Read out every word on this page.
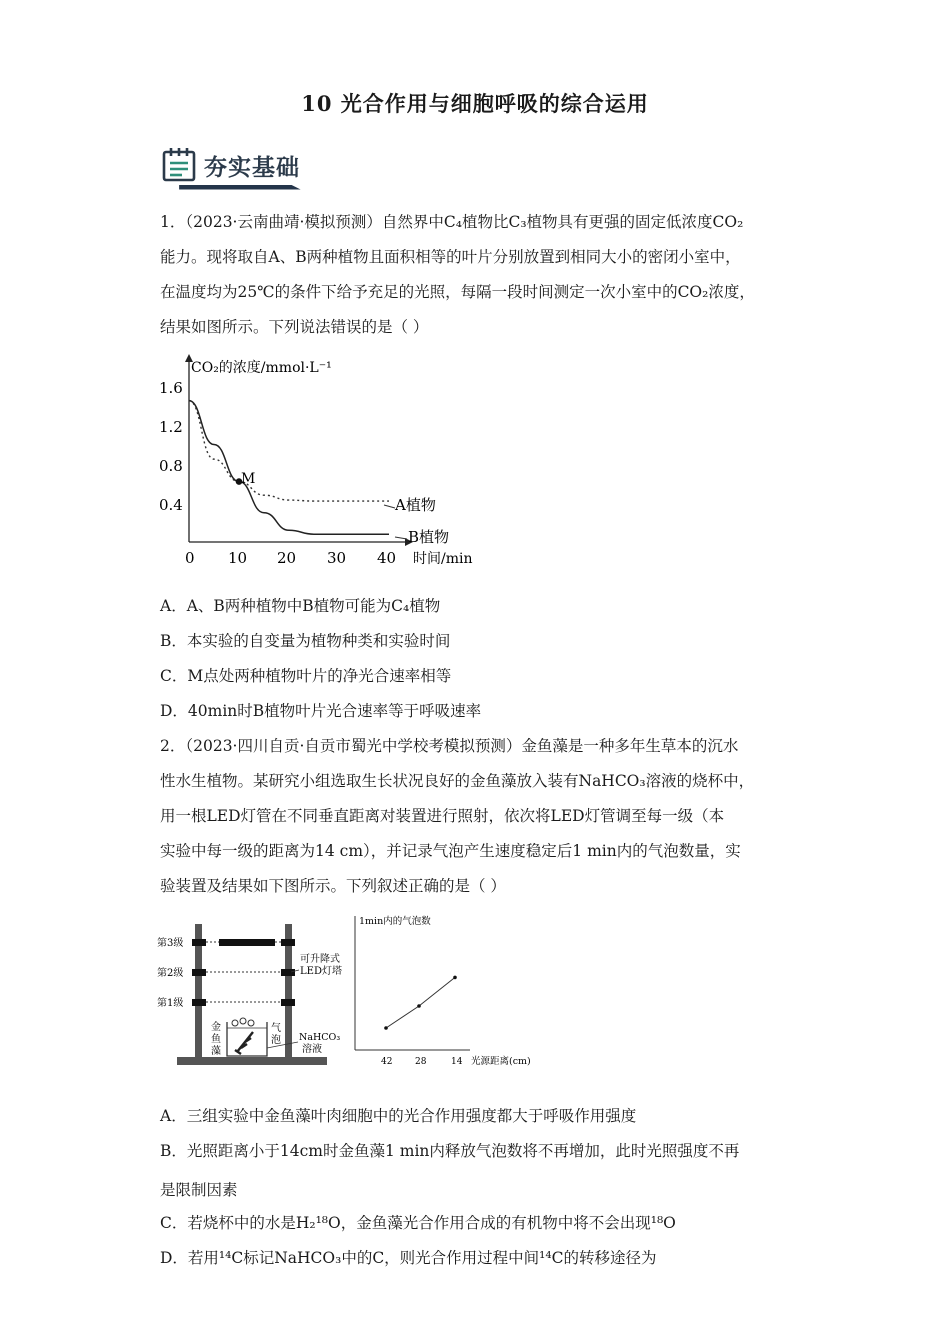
10 光合作用与细胞呼吸的综合运用
夯实基础
1．（2023·云南曲靖·模拟预测）自然界中C₄植物比C₃植物具有更强的固定低浓度CO₂
能力。现将取自A、B两种植物且面积相等的叶片分别放置到相同大小的密闭小室中，
在温度均为25℃的条件下给予充足的光照，每隔一段时间测定一次小室中的CO₂浓度，
结果如图所示。下列说法错误的是（ ）
CO₂的浓度/mmol·L⁻¹
时间/min
1.6
1.2
0.8
0.4
0 10 20 30 40
M
A植物
B植物
A．A、B两种植物中B植物可能为C₄植物
B．本实验的自变量为植物种类和实验时间
C．M点处两种植物叶片的净光合速率相等
D．40min时B植物叶片光合速率等于呼吸速率
2．（2023·四川自贡·自贡市蜀光中学校考模拟预测）金鱼藻是一种多年生草本的沉水
性水生植物。某研究小组选取生长状况良好的金鱼藻放入装有NaHCO₃溶液的烧杯中，
用一根LED灯管在不同垂直距离对装置进行照射，依次将LED灯管调至每一级（本
实验中每一级的距离为14 cm），并记录气泡产生速度稳定后1 min内的气泡数量，实
验装置及结果如下图所示。下列叙述正确的是（ ）
第3级
第2级
第1级
可升降式
LED灯塔
金
鱼
藻
气
泡 NaHCO₃
溶液
1min内的气泡数
光源距离(cm)
42	28	14
A．三组实验中金鱼藻叶肉细胞中的光合作用强度都大于呼吸作用强度
B．光照距离小于14cm时金鱼藻1 min内释放气泡数将不再增加，此时光照强度不再
是限制因素
C．若烧杯中的水是H₂¹⁸O，金鱼藻光合作用合成的有机物中将不会出现¹⁸O
D．若用¹⁴C标记NaHCO₃中的C，则光合作用过程中间¹⁴C的转移途径为
